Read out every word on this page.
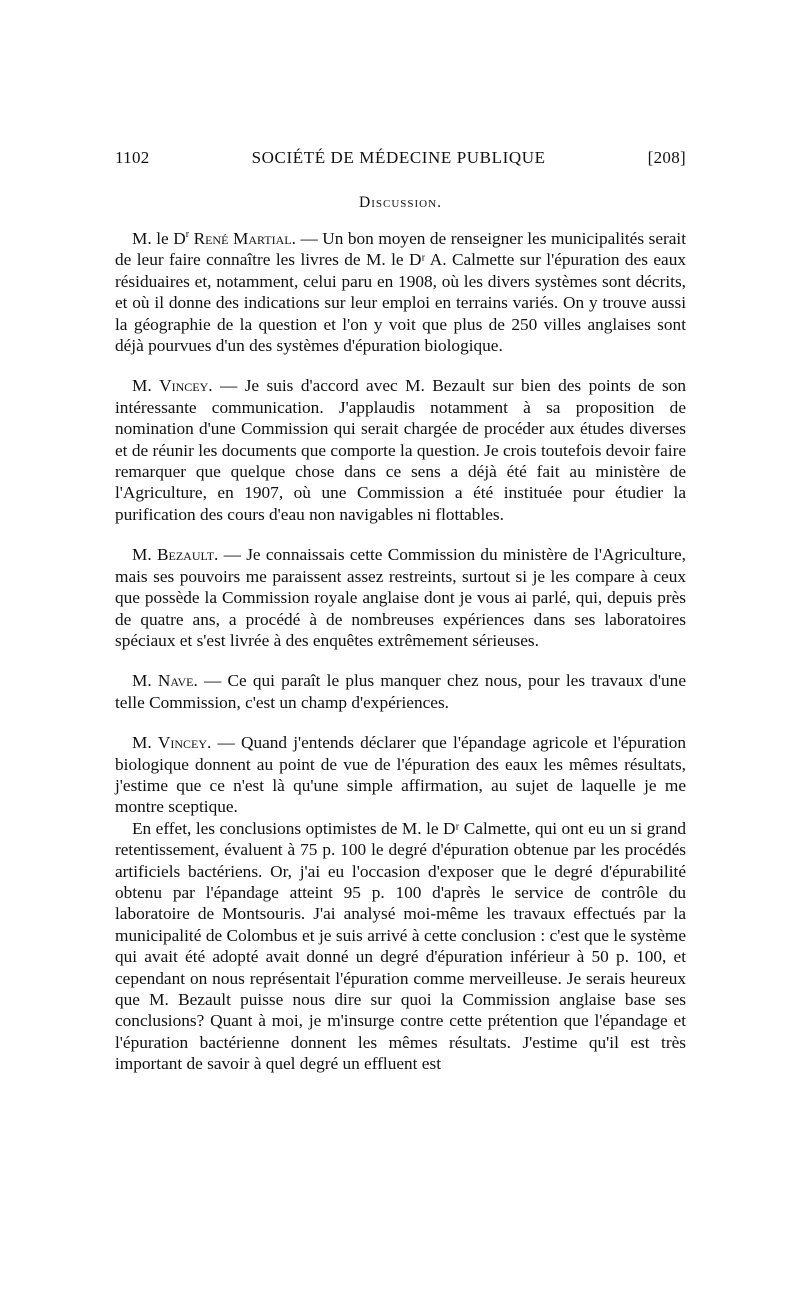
1102	SOCIÉTÉ DE MÉDECINE PUBLIQUE	[208]
Discussion.

M. le $D^r$ René Martial. — Un bon moyen de renseigner les municipalités serait de leur faire connaître les livres de M. le Dʳ A. Calmette sur l'épuration des eaux résiduaires et, notamment, celui paru en 1908, où les divers systèmes sont décrits, et où il donne des indications sur leur emploi en terrains variés. On y trouve aussi la géographie de la question et l'on y voit que plus de 250 villes anglaises sont déjà pourvues d'un des systèmes d'épuration biologique.

M. Vincey. — Je suis d'accord avec M. Bezault sur bien des points de son intéressante communication. J'applaudis notamment à sa proposition de nomination d'une Commission qui serait chargée de procéder aux études diverses et de réunir les documents que comporte la question. Je crois toutefois devoir faire remarquer que quelque chose dans ce sens a déjà été fait au ministère de l'Agriculture, en 1907, où une Commission a été instituée pour étudier la purification des cours d'eau non navigables ni flottables.

M. Bezault. — Je connaissais cette Commission du ministère de l'Agriculture, mais ses pouvoirs me paraissent assez restreints, surtout si je les compare à ceux que possède la Commission royale anglaise dont je vous ai parlé, qui, depuis près de quatre ans, a procédé à de nombreuses expériences dans ses laboratoires spéciaux et s'est livrée à des enquêtes extrêmement sérieuses.

M. Nave. — Ce qui paraît le plus manquer chez nous, pour les travaux d'une telle Commission, c'est un champ d'expériences.

M. Vincey. — Quand j'entends déclarer que l'épandage agricole et l'épuration biologique donnent au point de vue de l'épuration des eaux les mêmes résultats, j'estime que ce n'est là qu'une simple affirmation, au sujet de laquelle je me montre sceptique.

En effet, les conclusions optimistes de M. le Dʳ Calmette, qui ont eu un si grand retentissement, évaluent à 75 p. 100 le degré d'épuration obtenue par les procédés artificiels bactériens. Or, j'ai eu l'occasion d'exposer que le degré d'épurabilité obtenu par l'épandage atteint 95 p. 100 d'après le service de contrôle du laboratoire de Montsouris. J'ai analysé moi-même les travaux effectués par la municipalité de Colombus et je suis arrivé à cette conclusion : c'est que le système qui avait été adopté avait donné un degré d'épuration inférieur à 50 p. 100, et cependant on nous représentait l'épuration comme merveilleuse. Je serais heureux que M. Bezault puisse nous dire sur quoi la Commission anglaise base ses conclusions? Quant à moi, je m'insurge contre cette prétention que l'épandage et l'épuration bactérienne donnent les mêmes résultats. J'estime qu'il est très important de savoir à quel degré un effluent est
